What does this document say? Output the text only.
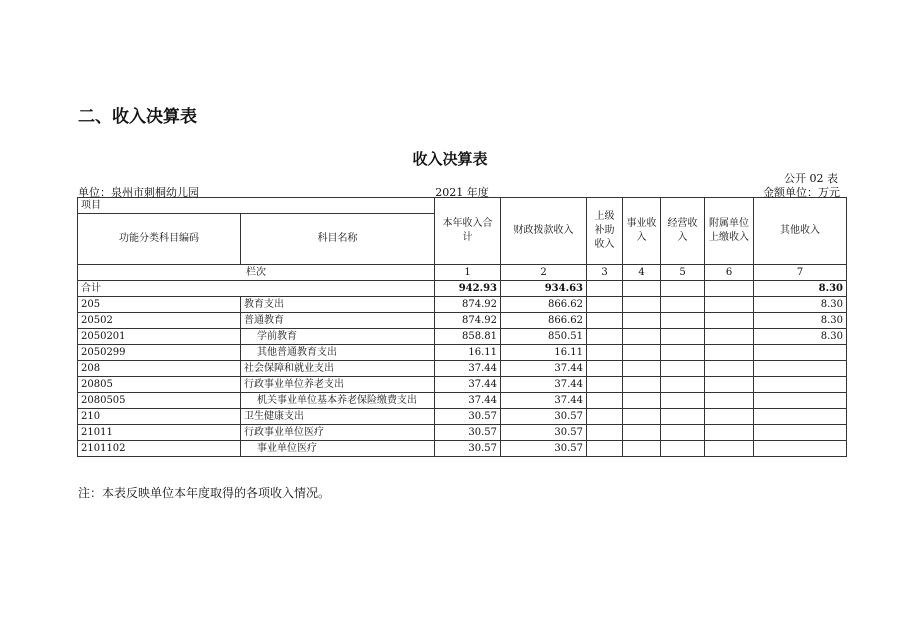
二、收入决算表
收入决算表
公开 02 表
单位：泉州市刺桐幼儿园	2021 年度	金额单位：万元
项目		本年收入合计	财政拨款收入	上级补助收入	事业收入	经营收入	附属单位上缴收入	其他收入
功能分类科目编码	科目名称							
栏次		1	2	3	4	5	6	7
合计		942.93	934.63					8.30
205	教育支出	874.92	866.62					8.30
20502	普通教育	874.92	866.62					8.30
2050201	学前教育	858.81	850.51					8.30
2050299	其他普通教育支出	16.11	16.11					
208	社会保障和就业支出	37.44	37.44					
20805	行政事业单位养老支出	37.44	37.44					
2080505	机关事业单位基本养老保险缴费支出	37.44	37.44					
210	卫生健康支出	30.57	30.57					
21011	行政事业单位医疗	30.57	30.57					
2101102	事业单位医疗	30.57	30.57					
注：本表反映单位本年度取得的各项收入情况。
